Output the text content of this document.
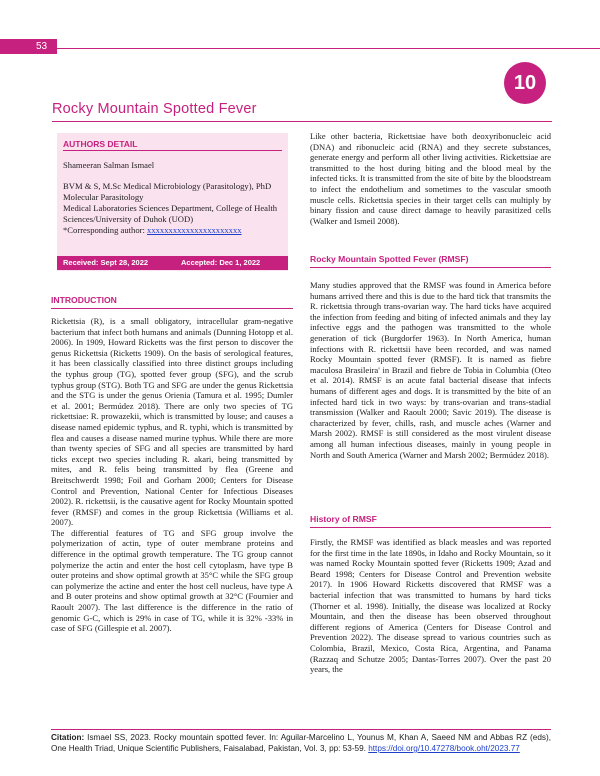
53
10
Rocky Mountain Spotted Fever
AUTHORS DETAIL
Shameeran Salman Ismael
BVM & S, M.Sc Medical Microbiology (Parasitology), PhD Molecular Parasitology
Medical Laboratories Sciences Department, College of Health Sciences/University of Duhok (UOD)
*Corresponding author: xxxxxxxxxxxxxxxxxxxxxx
Received: Sept 28, 2022	Accepted: Dec 1, 2022
INTRODUCTION

Rickettsia (R), is a small obligatory, intracellular gram-negative bacterium that infect both humans and animals (Dunning Hotopp et al. 2006). In 1909, Howard Ricketts was the first person to discover the genus Rickettsia (Ricketts 1909). On the basis of serological features, it has been classically classified into three distinct groups including the typhus group (TG), spotted fever group (SFG), and the scrub typhus group (STG). Both TG and SFG are under the genus Rickettsia and the STG is under the genus Orienia (Tamura et al. 1995; Dumler et al. 2001; Bermúdez 2018). There are only two species of TG rickettsiae: R. prowazekii, which is transmitted by louse; and causes a disease named epidemic typhus, and R. typhi, which is transmitted by flea and causes a disease named murine typhus. While there are more than twenty species of SFG and all species are transmitted by hard ticks except two species including R. akari, being transmitted by mites, and R. felis being transmitted by flea (Greene and Breitschwerdt 1998; Foil and Gorham 2000; Centers for Disease Control and Prevention, National Center for Infectious Diseases 2002). R. rickettsii, is the causative agent for Rocky Mountain spotted fever (RMSF) and comes in the group Rickettsia (Williams et al. 2007).

The differential features of TG and SFG group involve the polymerization of actin, type of outer membrane proteins and difference in the optimal growth temperature. The TG group cannot polymerize the actin and enter the host cell cytoplasm, have type B outer proteins and show optimal growth at 35°C while the SFG group can polymerize the actine and enter the host cell nucleus, have type A and B outer proteins and show optimal growth at 32°C (Fournier and Raoult 2007). The last difference is the difference in the ratio of genomic G-C, which is 29% in case of TG, while it is 32% -33% in case of SFG (Gillespie et al. 2007).

Like other bacteria, Rickettsiae have both deoxyribonucleic acid (DNA) and ribonucleic acid (RNA) and they secrete substances, generate energy and perform all other living activities. Rickettsiae are transmitted to the host during biting and the blood meal by the infected ticks. It is transmitted from the site of bite by the bloodstream to infect the endothelium and sometimes to the vascular smooth muscle cells. Rickettsia species in their target cells can multiply by binary fission and cause direct damage to heavily parasitized cells (Walker and Ismeil 2008).

Rocky Mountain Spotted Fever (RMSF)

Many studies approved that the RMSF was found in America before humans arrived there and this is due to the hard tick that transmits the R. rickettsia through trans-ovarian way. The hard ticks have acquired the infection from feeding and biting of infected animals and they lay infective eggs and the pathogen was transmitted to the whole generation of tick (Burgdorfer 1963). In North America, human infections with R. rickettsii have been recorded, and was named Rocky Mountain spotted fever (RMSF). It is named as fiebre maculosa Brasileira' in Brazil and fiebre de Tobia in Columbia (Oteo et al. 2014). RMSF is an acute fatal bacterial disease that infects humans of different ages and dogs. It is transmitted by the bite of an infected hard tick in two ways: by trans-ovarian and trans-stadial transmission (Walker and Raoult 2000; Savic 2019). The disease is characterized by fever, chills, rash, and muscle aches (Warner and Marsh 2002). RMSF is still considered as the most virulent disease among all human infectious diseases, mainly in young people in North and South America (Warner and Marsh 2002; Bermúdez 2018).

History of RMSF

Firstly, the RMSF was identified as black measles and was reported for the first time in the late 1890s, in Idaho and Rocky Mountain, so it was named Rocky Mountain spotted fever (Ricketts 1909; Azad and Beard 1998; Centers for Disease Control and Prevention website 2017). In 1906 Howard Ricketts discovered that RMSF was a bacterial infection that was transmitted to humans by hard ticks (Thorner et al. 1998). Initially, the disease was localized at Rocky Mountain, and then the disease has been observed throughout different regions of America (Centers for Disease Control and Prevention 2022). The disease spread to various countries such as Colombia, Brazil, Mexico, Costa Rica, Argentina, and Panama (Razzaq and Schutze 2005; Dantas-Torres 2007). Over the past 20 years, the

Citation: Ismael SS, 2023. Rocky mountain spotted fever. In: Aguilar-Marcelino L, Younus M, Khan A, Saeed NM and Abbas RZ (eds), One Health Triad, Unique Scientific Publishers, Faisalabad, Pakistan, Vol. 3, pp: 53-59. https://doi.org/10.47278/book.oht/2023.77
